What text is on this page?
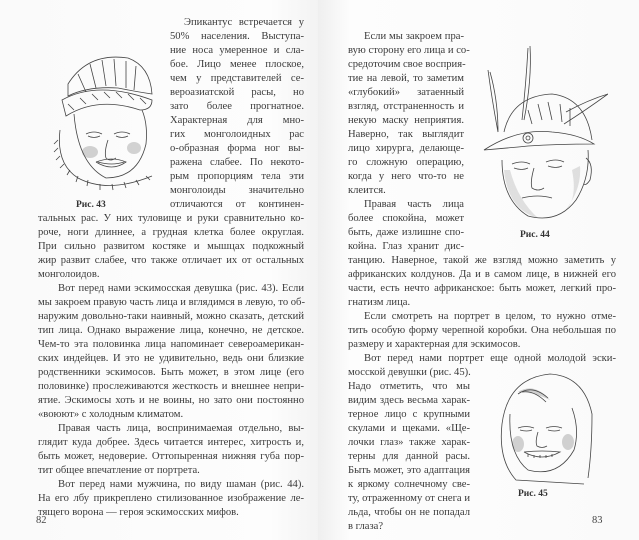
Рис. 43
Эпикантус встречается у
50% населения. Выступа-
ние носа умеренное и сла-
бое. Лицо менее плоское,
чем у представителей се-
вероазиатской расы, но
зато более прогнатное.
Характерная для мно-
гих монголоидных рас
о-образная форма ног вы-
ражена слабее. По некото-
рым пропорциям тела эти
монголоиды значительно
отличаются от континен-
тальных рас. У них туловище и руки сравнительно ко-
роче, ноги длиннее, а грудная клетка более округлая.
При сильно развитом костяке и мышцах подкожный
жир развит слабее, что также отличает их от остальных
монголоидов.
Вот перед нами эскимосская девушка (рис. 43). Если
мы закроем правую часть лица и вглядимся в левую, то об-
наружим довольно-таки наивный, можно сказать, детский
тип лица. Однако выражение лица, конечно, не детское.
Чем-то эта половинка лица напоминает североамерикан-
ских индейцев. И это не удивительно, ведь они близкие
родственники эскимосов. Быть может, в этом лице (его
половинке) прослеживаются жесткость и внешнее непри-
ятие. Эскимосы хоть и не воины, но зато они постоянно
«воюют» с холодным климатом.
Правая часть лица, воспринимаемая отдельно, вы-
глядит куда добрее. Здесь читается интерес, хитрость и,
быть может, недоверие. Оттопыренная нижняя губа пор-
тит общее впечатление от портрета.
Вот перед нами мужчина, по виду шаман (рис. 44).
На его лбу прикреплено стилизованное изображение ле-
тящего ворона — героя эскимосских мифов.
82
Если мы закроем пра-
вую сторону его лица и со-
средоточим свое восприя-
тие на левой, то заметим
«глубокий» затаенный
взгляд, отстраненность и
некую маску неприятия.
Наверно, так выглядит
лицо хирурга, делающе-
го сложную операцию,
когда у него что-то не
клеится.
Правая часть лица
более спокойна, может
быть, даже излишне спо-
койна. Глаз хранит дис-
Рис. 44
танцию. Наверное, такой же взгляд можно заметить у
африканских колдунов. Да и в самом лице, в нижней его
части, есть нечто африканское: быть может, легкий про-
гнатизм лица.
Если смотреть на портрет в целом, то нужно отме-
тить особую форму черепной коробки. Она небольшая по
размеру и характерная для эскимосов.
Вот перед нами портрет еще одной молодой эски-
мосской девушки (рис. 45).
Надо отметить, что мы
видим здесь весьма харак-
терное лицо с крупными
скулами и щеками. «Ще-
лочки глаз» также харак-
терны для данной расы.
Быть может, это адаптация
к яркому солнечному све-
ту, отраженному от снега и
льда, чтобы он не попадал
в глаза?
Рис. 45
83
